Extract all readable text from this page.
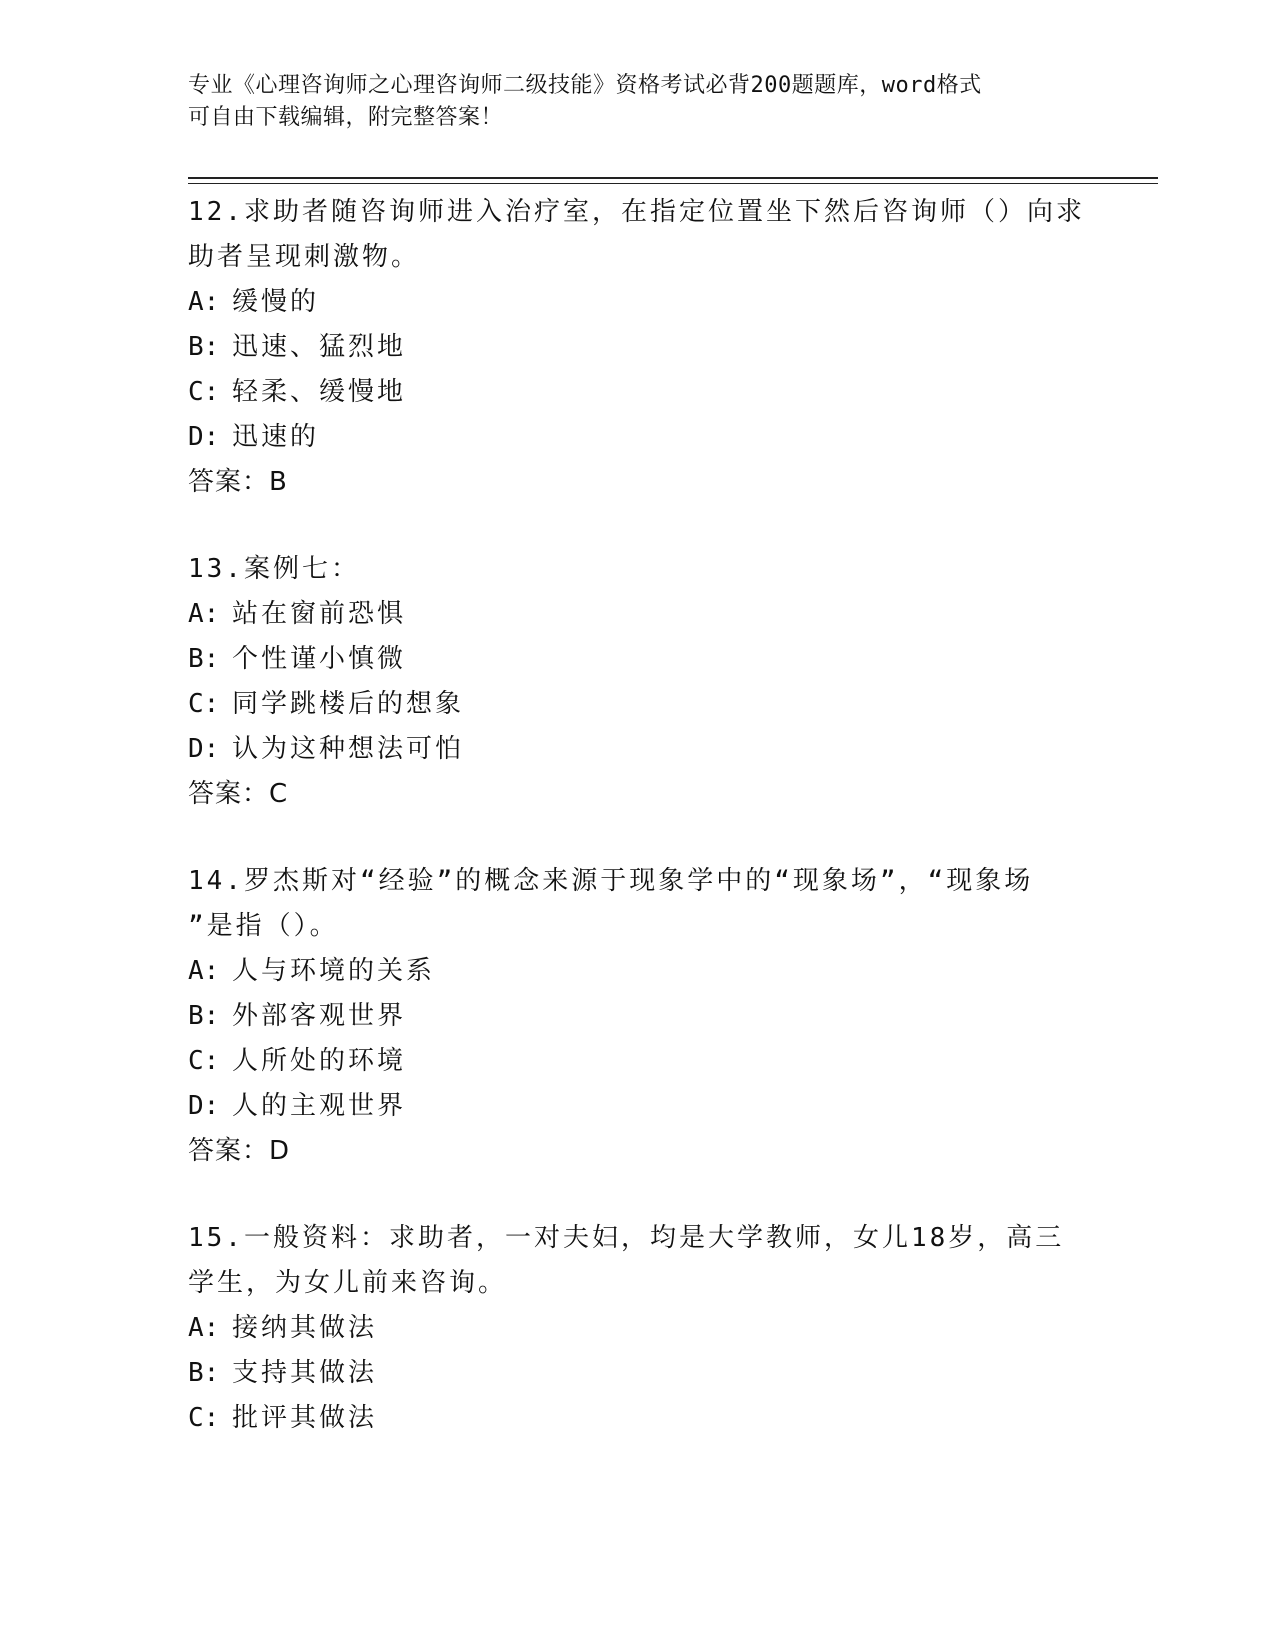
专业《心理咨询师之心理咨询师二级技能》资格考试必背200题题库，word格式
可自由下载编辑，附完整答案！
12.求助者随咨询师进入治疗室，在指定位置坐下然后咨询师（）向求
助者呈现刺激物。
A: 缓慢的
B: 迅速、猛烈地
C: 轻柔、缓慢地
D: 迅速的
答案：B
13.案例七：
A: 站在窗前恐惧
B: 个性谨小慎微
C: 同学跳楼后的想象
D: 认为这种想法可怕
答案：C
14.罗杰斯对“经验”的概念来源于现象学中的“现象场”，“现象场
”是指（）。
A: 人与环境的关系
B: 外部客观世界
C: 人所处的环境
D: 人的主观世界
答案：D
15.一般资料：求助者，一对夫妇，均是大学教师，女儿18岁，高三
学生，为女儿前来咨询。
A: 接纳其做法
B: 支持其做法
C: 批评其做法
